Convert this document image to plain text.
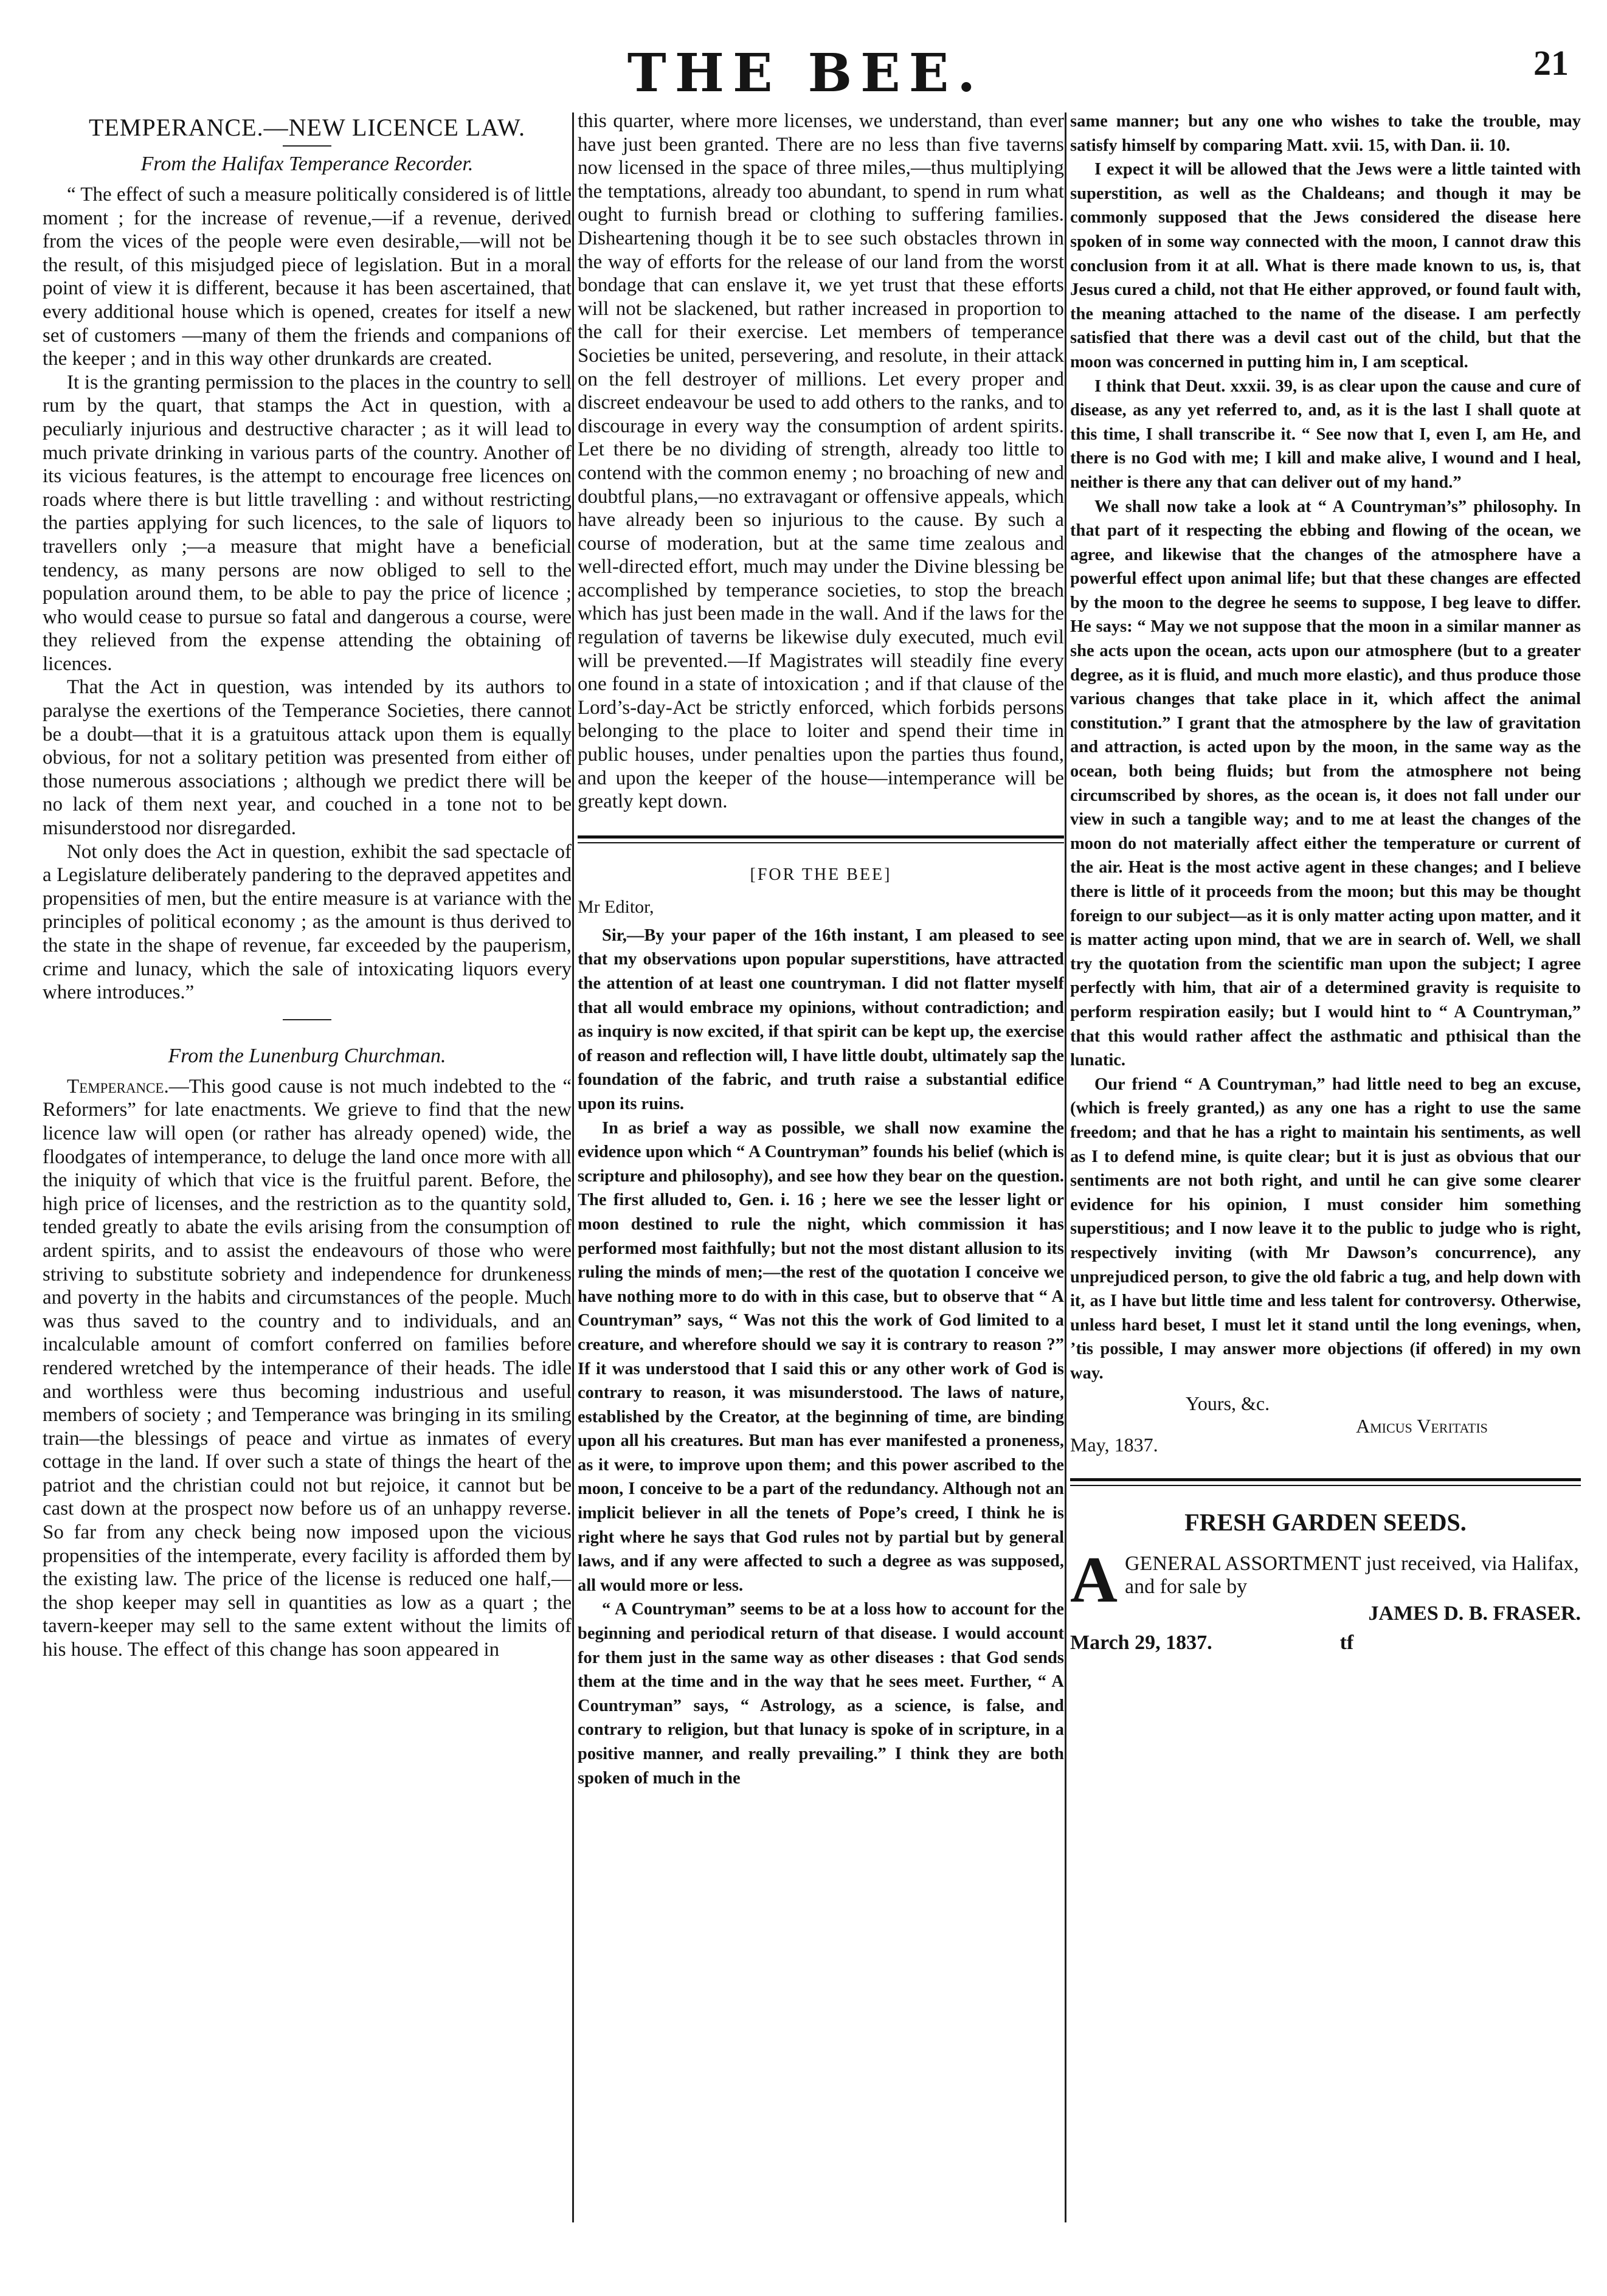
THE BEE.	21
TEMPERANCE.—NEW LICENCE LAW.
From the Halifax Temperance Recorder.

“ The effect of such a measure politically considered is of little moment ; for the increase of revenue,—if a revenue, derived from the vices of the people were even desirable,—will not be the result, of this misjudged piece of legislation. But in a moral point of view it is different, because it has been ascertained, that every additional house which is opened, creates for itself a new set of customers —many of them the friends and companions of the keeper ; and in this way other drunkards are created.

It is the granting permission to the places in the country to sell rum by the quart, that stamps the Act in question, with a peculiarly injurious and destructive character ; as it will lead to much private drinking in various parts of the country. Another of its vicious features, is the attempt to encourage free licences on roads where there is but little travelling : and without restricting the parties applying for such licences, to the sale of liquors to travellers only ;—a measure that might have a beneficial tendency, as many persons are now obliged to sell to the population around them, to be able to pay the price of licence ; who would cease to pursue so fatal and dangerous a course, were they relieved from the expense attending the obtaining of licences.

That the Act in question, was intended by its authors to paralyse the exertions of the Temperance Societies, there cannot be a doubt—that it is a gratuitous attack upon them is equally obvious, for not a solitary petition was presented from either of those numerous associations ; although we predict there will be no lack of them next year, and couched in a tone not to be misunderstood nor disregarded.

Not only does the Act in question, exhibit the sad spectacle of a Legislature deliberately pandering to the depraved appetites and propensities of men, but the entire measure is at variance with the principles of political economy ; as the amount is thus derived to the state in the shape of revenue, far exceeded by the pauperism, crime and lunacy, which the sale of intoxicating liquors every where introduces.”

From the Lunenburg Churchman.

Temperance.—This good cause is not much indebted to the “ Reformers” for late enactments. We grieve to find that the new licence law will open (or rather has already opened) wide, the floodgates of intemperance, to deluge the land once more with all the iniquity of which that vice is the fruitful parent. Before, the high price of licenses, and the restriction as to the quantity sold, tended greatly to abate the evils arising from the consumption of ardent spirits, and to assist the endeavours of those who were striving to substitute sobriety and independence for drunkeness and poverty in the habits and circumstances of the people. Much was thus saved to the country and to individuals, and an incalculable amount of comfort conferred on families before rendered wretched by the intemperance of their heads. The idle and worthless were thus becoming industrious and useful members of society ; and Temperance was bringing in its smiling train—the blessings of peace and virtue as inmates of every cottage in the land. If over such a state of things the heart of the patriot and the christian could not but rejoice, it cannot but be cast down at the prospect now before us of an unhappy reverse. So far from any check being now imposed upon the vicious propensities of the intemperate, every facility is afforded them by the existing law. The price of the license is reduced one half,—the shop keeper may sell in quantities as low as a quart ; the tavern-keeper may sell to the same extent without the limits of his house. The effect of this change has soon appeared in

this quarter, where more licenses, we understand, than ever have just been granted. There are no less than five taverns now licensed in the space of three miles,—thus multiplying the temptations, already too abundant, to spend in rum what ought to furnish bread or clothing to suffering families. Disheartening though it be to see such obstacles thrown in the way of efforts for the release of our land from the worst bondage that can enslave it, we yet trust that these efforts will not be slackened, but rather increased in proportion to the call for their exercise. Let members of temperance Societies be united, persevering, and resolute, in their attack on the fell destroyer of millions. Let every proper and discreet endeavour be used to add others to the ranks, and to discourage in every way the consumption of ardent spirits. Let there be no dividing of strength, already too little to contend with the common enemy ; no broaching of new and doubtful plans,—no extravagant or offensive appeals, which have already been so injurious to the cause. By such a course of moderation, but at the same time zealous and well-directed effort, much may under the Divine blessing be accomplished by temperance societies, to stop the breach which has just been made in the wall. And if the laws for the regulation of taverns be likewise duly executed, much evil will be prevented.—If Magistrates will steadily fine every one found in a state of intoxication ; and if that clause of the Lord’s-day-Act be strictly enforced, which forbids persons belonging to the place to loiter and spend their time in public houses, under penalties upon the parties thus found, and upon the keeper of the house—intemperance will be greatly kept down.

[FOR THE BEE]
Mr Editor,

Sir,—By your paper of the 16th instant, I am pleased to see that my observations upon popular superstitions, have attracted the attention of at least one countryman. I did not flatter myself that all would embrace my opinions, without contradiction; and as inquiry is now excited, if that spirit can be kept up, the exercise of reason and reflection will, I have little doubt, ultimately sap the foundation of the fabric, and truth raise a substantial edifice upon its ruins.

In as brief a way as possible, we shall now examine the evidence upon which “ A Countryman” founds his belief (which is scripture and philosophy), and see how they bear on the question. The first alluded to, Gen. i. 16 ; here we see the lesser light or moon destined to rule the night, which commission it has performed most faithfully; but not the most distant allusion to its ruling the minds of men;—the rest of the quotation I conceive we have nothing more to do with in this case, but to observe that “ A Countryman” says, “ Was not this the work of God limited to a creature, and wherefore should we say it is contrary to reason ?” If it was understood that I said this or any other work of God is contrary to reason, it was misunderstood. The laws of nature, established by the Creator, at the beginning of time, are binding upon all his creatures. But man has ever manifested a proneness, as it were, to improve upon them; and this power ascribed to the moon, I conceive to be a part of the redundancy. Although not an implicit believer in all the tenets of Pope’s creed, I think he is right where he says that God rules not by partial but by general laws, and if any were affected to such a degree as was supposed, all would more or less.

“ A Countryman” seems to be at a loss how to account for the beginning and periodical return of that disease. I would account for them just in the same way as other diseases : that God sends them at the time and in the way that he sees meet. Further, “ A Countryman” says, “ Astrology, as a science, is false, and contrary to religion, but that lunacy is spoke of in scripture, in a positive manner, and really prevailing.” I think they are both spoken of much in the

same manner; but any one who wishes to take the trouble, may satisfy himself by comparing Matt. xvii. 15, with Dan. ii. 10.

I expect it will be allowed that the Jews were a little tainted with superstition, as well as the Chaldeans; and though it may be commonly supposed that the Jews considered the disease here spoken of in some way connected with the moon, I cannot draw this conclusion from it at all. What is there made known to us, is, that Jesus cured a child, not that He either approved, or found fault with, the meaning attached to the name of the disease. I am perfectly satisfied that there was a devil cast out of the child, but that the moon was concerned in putting him in, I am sceptical.

I think that Deut. xxxii. 39, is as clear upon the cause and cure of disease, as any yet referred to, and, as it is the last I shall quote at this time, I shall transcribe it. “ See now that I, even I, am He, and there is no God with me; I kill and make alive, I wound and I heal, neither is there any that can deliver out of my hand.”

We shall now take a look at “ A Countryman’s” philosophy. In that part of it respecting the ebbing and flowing of the ocean, we agree, and likewise that the changes of the atmosphere have a powerful effect upon animal life; but that these changes are effected by the moon to the degree he seems to suppose, I beg leave to differ. He says: “ May we not suppose that the moon in a similar manner as she acts upon the ocean, acts upon our atmosphere (but to a greater degree, as it is fluid, and much more elastic), and thus produce those various changes that take place in it, which affect the animal constitution.” I grant that the atmosphere by the law of gravitation and attraction, is acted upon by the moon, in the same way as the ocean, both being fluids; but from the atmosphere not being circumscribed by shores, as the ocean is, it does not fall under our view in such a tangible way; and to me at least the changes of the moon do not materially affect either the temperature or current of the air. Heat is the most active agent in these changes; and I believe there is little of it proceeds from the moon; but this may be thought foreign to our subject—as it is only matter acting upon matter, and it is matter acting upon mind, that we are in search of. Well, we shall try the quotation from the scientific man upon the subject; I agree perfectly with him, that air of a determined gravity is requisite to perform respiration easily; but I would hint to “ A Countryman,” that this would rather affect the asthmatic and pthisical than the lunatic.

Our friend “ A Countryman,” had little need to beg an excuse, (which is freely granted,) as any one has a right to use the same freedom; and that he has a right to maintain his sentiments, as well as I to defend mine, is quite clear; but it is just as obvious that our sentiments are not both right, and until he can give some clearer evidence for his opinion, I must consider him something superstitious; and I now leave it to the public to judge who is right, respectively inviting (with Mr Dawson’s concurrence), any unprejudiced person, to give the old fabric a tug, and help down with it, as I have but little time and less talent for controversy. Otherwise, unless hard beset, I must let it stand until the long evenings, when, ’tis possible, I may answer more objections (if offered) in my own way.

Yours, &c.
Amicus Veritatis
May, 1837.
FRESH GARDEN SEEDS.
A GENERAL ASSORTMENT just received, via Halifax, and for sale by
JAMES D. B. FRASER.
March 29, 1837.	tf
